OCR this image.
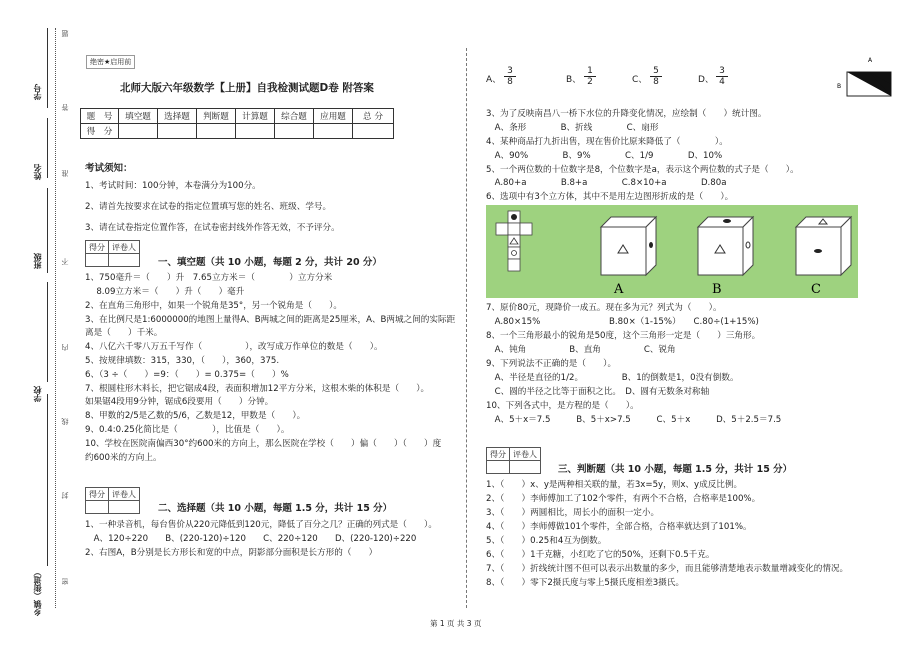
学号
姓名
班级
学校
乡镇（街道）
题
答
准
不
内
线
封
密
绝密★启用前
北师大版六年级数学【上册】自我检测试题D卷 附答案
题　号	填空题	选择题	判断题	计算题	综合题	应用题	总 分
得　分							
考试须知：
1、考试时间：100分钟，本卷满分为100分。
2、请首先按要求在试卷的指定位置填写您的姓名、班级、学号。
3、请在试卷指定位置作答，在试卷密封线外作答无效，不予评分。
得分	评卷人

一、填空题（共 10 小题，每题 2 分，共计 20 分）
1、750毫升＝（　　）升　7.65立方米＝（　　　　）立方分米
　 8.09立方米＝（　　）升（　　）毫升
2、在直角三角形中，如果一个锐角是35°，另一个锐角是（　　）。
3、在比例尺是1:6000000的地图上量得A、B两城之间的距离是25厘米，A、B两城之间的实际距
离是（　　）千米。
4、八亿六千零八万五千写作（　　　　　），改写成万作单位的数是（　　）。
5、按规律填数：315，330，（　　），360，375.
6、（3 ÷（　　）=9：（　　）= 0.375=（　　）%
7、根圆柱形木料长，把它锯成4段，表面积增加12平方分米，这根木柴的体积是（　　）。
如果锯4段用9分钟，锯成6段要用（　　）分钟。
8、甲数的2/5是乙数的5/6，乙数是12，甲数是（　　）。
9、0.4:0.25化简比是（　　　　），比值是（　　）。
10、学校在医院南偏西30°约600米的方向上，那么医院在学校（　　）偏（　　）（　　）度
约600米的方向上。
得分	评卷人

二、选择题（共 10 小题，每题 1.5 分，共计 15 分）
1、一种录音机，每台售价从220元降低到120元，降低了百分之几？正确的列式是（　　）。
　A、120÷220　　B、(220-120)÷120　　C、220÷120　　D、(220-120)÷220
2、右图A，B分别是长方形长和宽的中点，阴影部分面积是长方形的（　　）
A、 $\frac{3}{8}$	B、 $\frac{1}{2}$	C、 $\frac{5}{8}$	D、 $\frac{3}{4}$
A
B
3、为了反映南昌八一桥下水位的升降变化情况，应绘制（　　）统计图。
　A、条形　　　　B、折线　　　　C、扇形
4、某种商品打九折出售，现在售价比原来降低了（　　　　）。
　A、90%　　　　B、9%　　　　C、1/9　　　　D、10%
5、一个两位数的十位数字是8，个位数字是a，表示这个两位数的式子是（　　）。
　A.80+a　　　　B.8+a　　　　C.8×10+a　　　　D.80a
6、选项中有3个立方体，其中不是用左边图形折成的是（　　）。
A	B	C
7、原价80元，现降价一成五。现在多为元？列式为（　　）。
　A.80×15%　　　　　　　　B.80×（1-15%）　　C.80÷(1+15%)
8、一个三角形最小的锐角是50度，这个三角形一定是（　　）三角形。
　A、钝角　　　　　B、直角　　　　　C、锐角
9、下列说法不正确的是（　　）。
　A、半径是直径的1/2。　　　　　B、1的倒数是1，0没有倒数。
　C、圆的半径之比等于面积之比。　D、圆有无数条对称轴
10、下列各式中，是方程的是（　　）。
　A、5＋x＝7.5　　　B、5＋x>7.5　　　C、5＋x　　　D、5＋2.5＝7.5
得分	评卷人

三、判断题（共 10 小题，每题 1.5 分，共计 15 分）
1、（　　）x、y是两种相关联的量，若3x=5y，则x、y成反比例。
2、（　　）李师傅加工了102个零件，有两个不合格，合格率是100%。
3、（　　）两圆相比，周长小的面积一定小。
4、（　　）李师傅做101个零件，全部合格，合格率就达到了101%。
5、（　　）0.25和4互为倒数。
6、（　　）1千克糖，小红吃了它的50%，还剩下0.5千克。
7、（　　）折线统计图不但可以表示出数量的多少，而且能够清楚地表示数量增减变化的情况。
8、（　　）零下2摄氏度与零上5摄氏度相差3摄氏。
第 1 页 共 3 页
